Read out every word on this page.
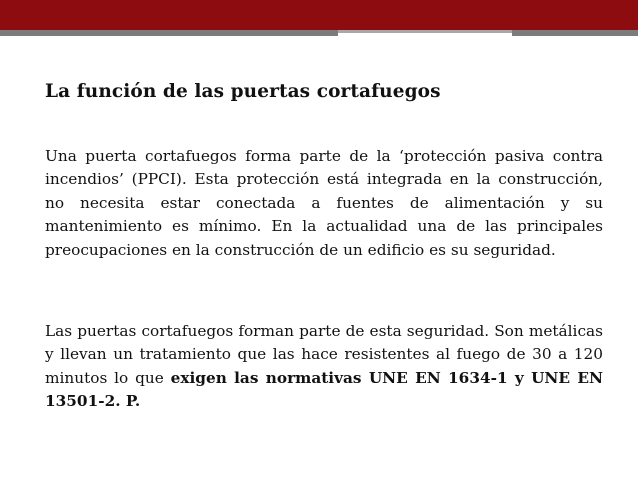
La función de las puertas cortafuegos

Una puerta cortafuegos forma parte de la ‘protección pasiva contra incendios’ (PPCI). Esta protección está integrada en la construcción, no necesita estar conectada a fuentes de alimentación y su mantenimiento es mínimo. En la actualidad una de las principales preocupaciones en la construcción de un edificio es su seguridad.

Las puertas cortafuegos forman parte de esta seguridad. Son metálicas y llevan un tratamiento que las hace resistentes al fuego de 30 a 120 minutos lo que exigen las normativas UNE EN 1634-1 y UNE EN 13501-2. P.
